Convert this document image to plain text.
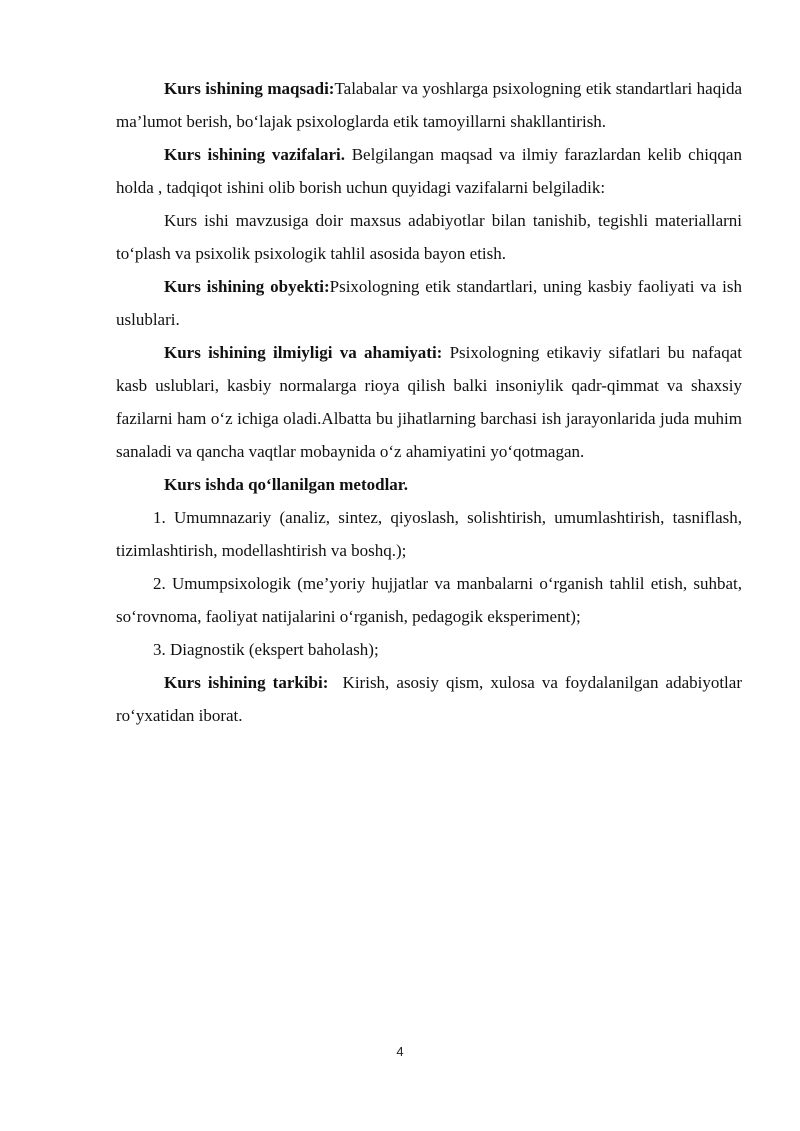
Kurs ishining maqsadi:Talabalar va yoshlarga psixologning etik standartlari haqida ma’lumot berish, bo‘lajak psixologlarda etik tamoyillarni shakllantirish.

Kurs ishining vazifalari. Belgilangan maqsad va ilmiy farazlardan kelib chiqqan holda , tadqiqot ishini olib borish uchun quyidagi vazifalarni belgiladik:

Kurs ishi mavzusiga doir maxsus adabiyotlar bilan tanishib, tegishli materiallarni to‘plash va psixolik psixologik tahlil asosida bayon etish.

Kurs ishining obyekti:Psixologning etik standartlari, uning kasbiy faoliyati va ish uslublari.

Kurs ishining ilmiyligi va ahamiyati: Psixologning etikaviy sifatlari bu nafaqat kasb uslublari, kasbiy normalarga rioya qilish balki insoniylik qadr-qimmat va shaxsiy fazilarni ham o‘z ichiga oladi.Albatta bu jihatlarning barchasi ish jarayonlarida juda muhim sanaladi va qancha vaqtlar mobaynida o‘z ahamiyatini yo‘qotmagan.

Kurs ishda qo‘llanilgan metodlar.

1. Umumnazariy (analiz, sintez, qiyoslash, solishtirish, umumlashtirish, tasniflash, tizimlashtirish, modellashtirish va boshq.);

2. Umumpsixologik (me’yoriy hujjatlar va manbalarni o‘rganish tahlil etish, suhbat, so‘rovnoma, faoliyat natijalarini o‘rganish, pedagogik eksperiment);

3. Diagnostik (ekspert baholash);

Kurs ishining tarkibi:  Kirish, asosiy qism, xulosa va foydalanilgan adabiyotlar ro‘yxatidan iborat.

4
